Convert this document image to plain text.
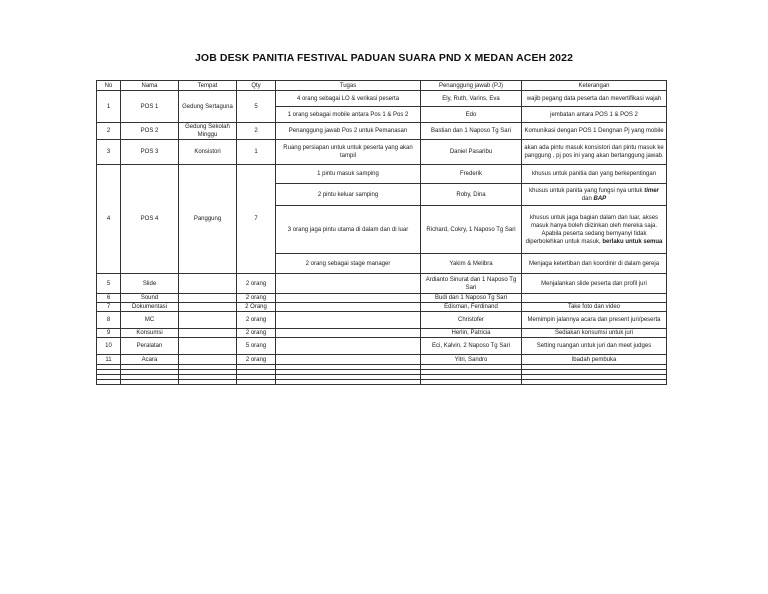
JOB DESK PANITIA FESTIVAL PADUAN SUARA PND X MEDAN ACEH 2022
No	Nama	Tempat	Qty	Tugas	Penanggung jawab (PJ)	Keterangan
1	POS 1	Gedung Sertaguna	5	4 orang sebagai LO & verikasi peserta	Ely, Ruth, Varins, Eva	wajib pegang data peserta dan mevertifikasi wajah
				1 orang sebagai mobile antara Pos 1 & Pos 2	Edo	jembatan antara POS 1 & POS 2
2	POS 2	Gedung Sekolah Minggu	2	Penanggung jawab Pos 2 untuk Pemanasan	Bastian dan 1 Naposo Tg Sari	Komunikasi dengan POS 1 Dengnan Pj yang mobile
3	POS 3	Konsistori	1	Ruang persiapan untuk untuk peserta yang akan tampil	Daniel Pasaribu	akan ada pintu masuk konsistori dan pintu masuk ke panggung , pj pos ini yang akan bertanggung jawab.
4	POS 4	Panggung	7	1 pintu masuk samping	Frederik	khusus untuk panitia dan yang berkepentingan
				2 pintu keluar samping	Roby, Dina	khusus untuk panita yang fungsi nya untuk timer dan BAP
				3 orang jaga pintu utama di dalam dan di luar	Richard, Cokry, 1 Naposo Tg Sari	khusus untuk jaga bagian dalam dan luar, akses masuk hanya boleh diizinkan oleh mereka saja. Apabila peserta sedang bernyanyi tidak diperbolehkan untuk masuk, berlaku untuk semua
				2 orang sebagai stage manager	Yakim & Melibra	Menjaga ketertiban dan koordinir di dalam gereja
5	Slide		2 orang		Ardianto Sinurat dan 1 Naposo Tg Sari	Menjalankan slide peserta dan profil juri
6	Sound		2 orang		Budi dan 1 Naposo Tg Sari	
7	Dokumentasi		2 Orang		Edisman, Ferdinand	Take foto dan video
8	MC		2 orang		Christofer	Memimpin jalannya acara dan present juri/peserta
9	Konsumsi		2 orang		Herlin, Patricia	Sediakan konsumsi untuk juri
10	Peralatan		5 orang		Eci, Kalvin, 2 Naposo Tg Sari	Setting ruangan untuk juri dan meet judges
11	Acara		2 orang		Yitri, Sandro	Ibadah pembuka
